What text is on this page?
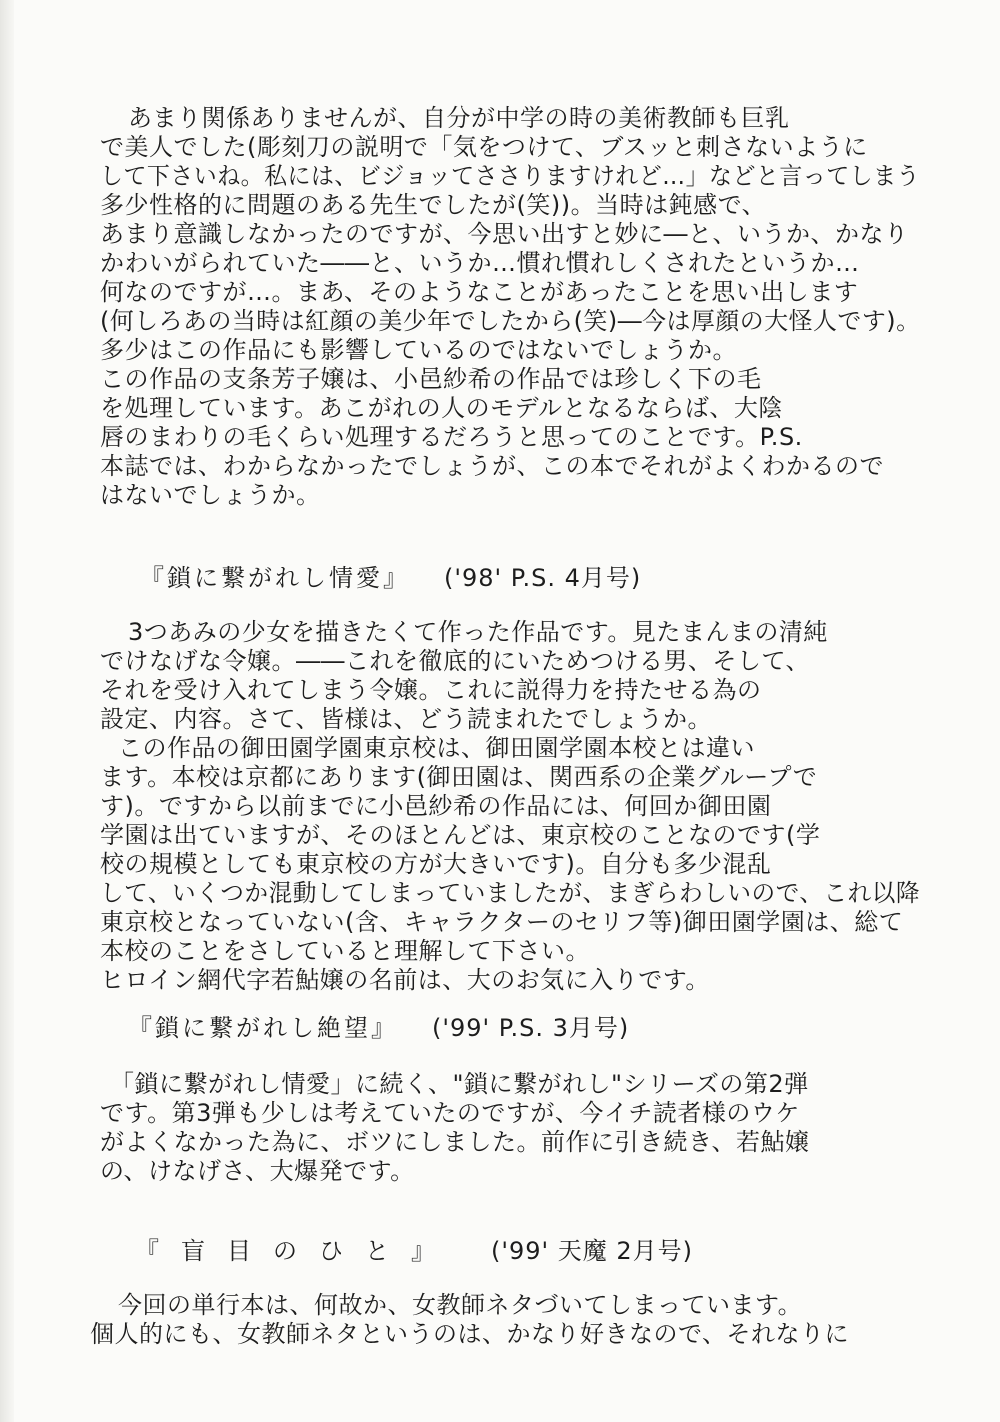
あまり関係ありませんが、自分が中学の時の美術教師も巨乳
で美人でした(彫刻刀の説明で「気をつけて、ブスッと刺さないように
して下さいね。私には、ビジョッてささりますけれど…」などと言ってしまう
多少性格的に問題のある先生でしたが(笑))。当時は鈍感で、
あまり意識しなかったのですが、今思い出すと妙に―と、いうか、かなり
かわいがられていた――と、いうか…慣れ慣れしくされたというか…
何なのですが…。まあ、そのようなことがあったことを思い出します
(何しろあの当時は紅顔の美少年でしたから(笑)―今は厚顔の大怪人です)。
多少はこの作品にも影響しているのではないでしょうか。
この作品の支条芳子嬢は、小邑紗希の作品では珍しく下の毛
を処理しています。あこがれの人のモデルとなるならば、大陰
唇のまわりの毛くらい処理するだろうと思ってのことです。P.S.
本誌では、わからなかったでしょうが、この本でそれがよくわかるので
はないでしょうか。
『鎖に繋がれし情愛』 ('98' P.S. 4月号)
3つあみの少女を描きたくて作った作品です。見たまんまの清純
でけなげな令嬢。――これを徹底的にいためつける男、そして、
それを受け入れてしまう令嬢。これに説得力を持たせる為の
設定、内容。さて、皆様は、どう読まれたでしょうか。
この作品の御田園学園東京校は、御田園学園本校とは違い
ます。本校は京都にあります(御田園は、関西系の企業グループで
す)。ですから以前までに小邑紗希の作品には、何回か御田園
学園は出ていますが、そのほとんどは、東京校のことなのです(学
校の規模としても東京校の方が大きいです)。自分も多少混乱
して、いくつか混動してしまっていましたが、まぎらわしいので、これ以降
東京校となっていない(含、キャラクターのセリフ等)御田園学園は、総て
本校のことをさしていると理解して下さい。
ヒロイン網代字若鮎嬢の名前は、大のお気に入りです。
『鎖に繋がれし絶望』 ('99' P.S. 3月号)
「鎖に繋がれし情愛」に続く、"鎖に繋がれし"シリーズの第2弾
です。第3弾も少しは考えていたのですが、今イチ読者様のウケ
がよくなかった為に、ボツにしました。前作に引き続き、若鮎嬢
の、けなげさ、大爆発です。
『盲目のひと』 ('99' 天魔 2月号)
今回の単行本は、何故か、女教師ネタづいてしまっています。
個人的にも、女教師ネタというのは、かなり好きなので、それなりに
